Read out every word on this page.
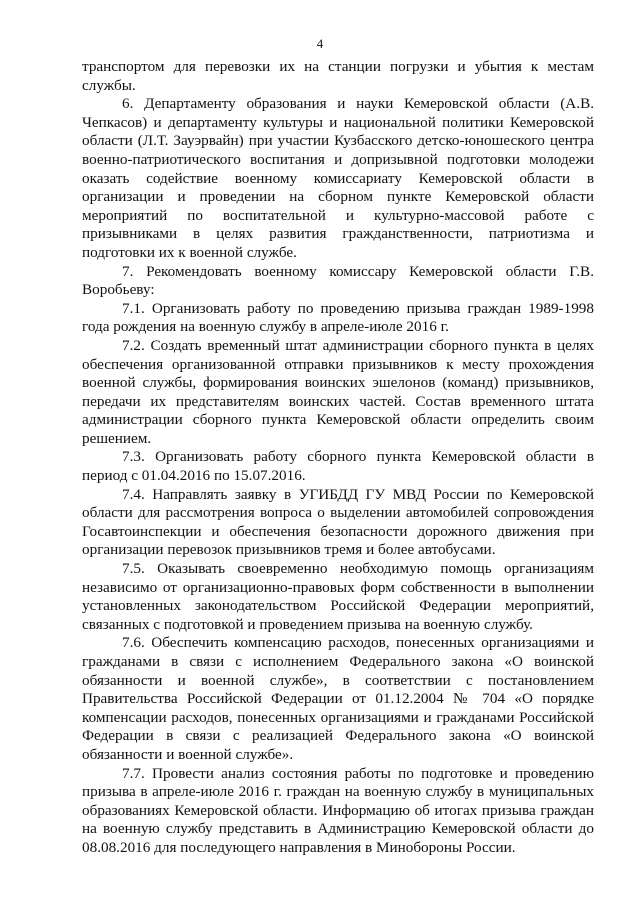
4

транспортом для перевозки их на станции погрузки и убытия к местам службы.

6. Департаменту образования и науки Кемеровской области (А.В. Чепкасов) и департаменту культуры и национальной политики Кемеровской области (Л.Т. Зауэрвайн) при участии Кузбасского детско-юношеского центра военно-патриотического воспитания и допризывной подготовки молодежи оказать содействие военному комиссариату Кемеровской области в организации и проведении на сборном пункте Кемеровской области мероприятий по воспитательной и культурно-массовой работе с призывниками в целях развития гражданственности, патриотизма и подготовки их к военной службе.

7. Рекомендовать военному комиссару Кемеровской области Г.В. Воробьеву:

7.1. Организовать работу по проведению призыва граждан 1989-1998 года рождения на военную службу в апреле-июле 2016 г.

7.2. Создать временный штат администрации сборного пункта в целях обеспечения организованной отправки призывников к месту прохождения военной службы, формирования воинских эшелонов (команд) призывников, передачи их представителям воинских частей. Состав временного штата администрации сборного пункта Кемеровской области определить своим решением.

7.3. Организовать работу сборного пункта Кемеровской области в период с 01.04.2016 по 15.07.2016.

7.4. Направлять заявку в УГИБДД ГУ МВД России по Кемеровской области для рассмотрения вопроса о выделении автомобилей сопровождения Госавтоинспекции и обеспечения безопасности дорожного движения при организации перевозок призывников тремя и более автобусами.

7.5. Оказывать своевременно необходимую помощь организациям независимо от организационно-правовых форм собственности в выполнении установленных законодательством Российской Федерации мероприятий, связанных с подготовкой и проведением призыва на военную службу.

7.6. Обеспечить компенсацию расходов, понесенных организациями и гражданами в связи с исполнением Федерального закона «О воинской обязанности и военной службе», в соответствии с постановлением Правительства Российской Федерации от 01.12.2004 № 704 «О порядке компенсации расходов, понесенных организациями и гражданами Российской Федерации в связи с реализацией Федерального закона «О воинской обязанности и военной службе».

7.7. Провести анализ состояния работы по подготовке и проведению призыва в апреле-июле 2016 г. граждан на военную службу в муниципальных образованиях Кемеровской области. Информацию об итогах призыва граждан на военную службу представить в Администрацию Кемеровской области до 08.08.2016 для последующего направления в Минобороны России.
